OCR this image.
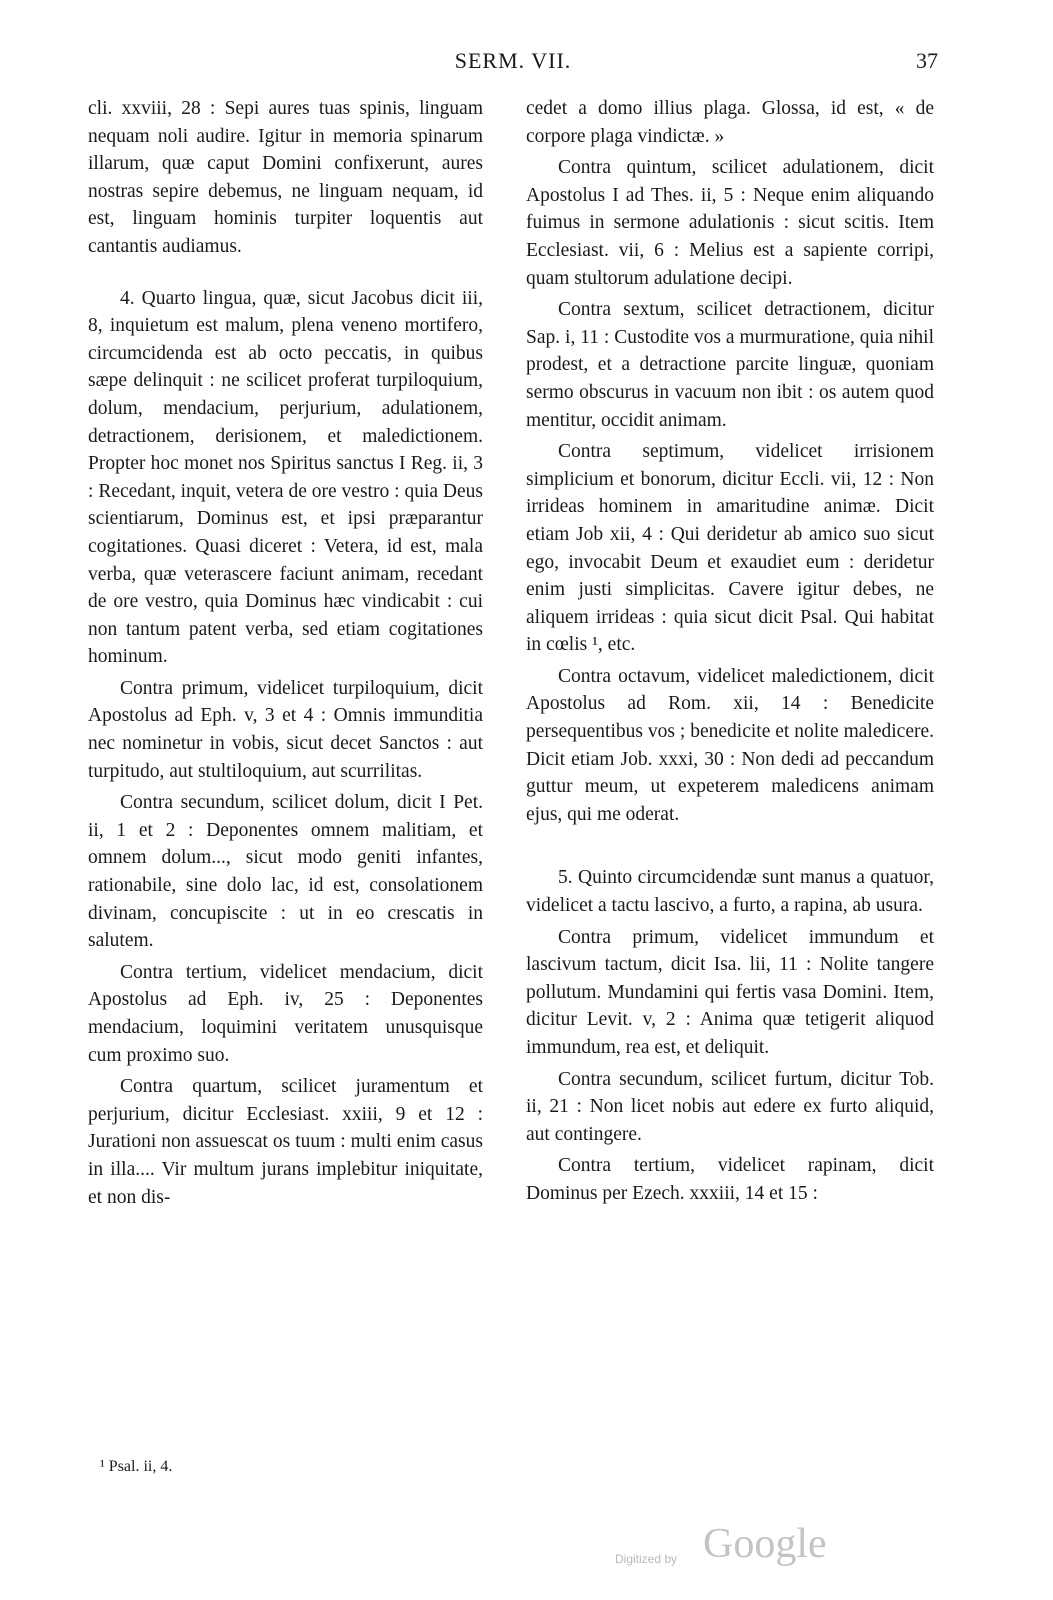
SERM. VII.	37

cli. xxviii, 28 : Sepi aures tuas spinis, linguam nequam noli audire. Igitur in memoria spinarum illarum, quæ caput Domini confixerunt, aures nostras sepire debemus, ne linguam nequam, id est, linguam hominis turpiter loquentis aut cantantis audiamus.

4. Quarto lingua, quæ, sicut Jacobus dicit iii, 8, inquietum est malum, plena veneno mortifero, circumcidenda est ab octo peccatis, in quibus sæpe delinquit : ne scilicet proferat turpiloquium, dolum, mendacium, perjurium, adulationem, detractionem, derisionem, et maledictionem. Propter hoc monet nos Spiritus sanctus I Reg. ii, 3 : Recedant, inquit, vetera de ore vestro : quia Deus scientiarum, Dominus est, et ipsi præparantur cogitationes. Quasi diceret : Vetera, id est, mala verba, quæ veterascere faciunt animam, recedant de ore vestro, quia Dominus hæc vindicabit : cui non tantum patent verba, sed etiam cogitationes hominum.

Contra primum, videlicet turpiloquium, dicit Apostolus ad Eph. v, 3 et 4 : Omnis immunditia nec nominetur in vobis, sicut decet Sanctos : aut turpitudo, aut stultiloquium, aut scurrilitas.

Contra secundum, scilicet dolum, dicit I Pet. ii, 1 et 2 : Deponentes omnem malitiam, et omnem dolum..., sicut modo geniti infantes, rationabile, sine dolo lac, id est, consolationem divinam, concupiscite : ut in eo crescatis in salutem.

Contra tertium, videlicet mendacium, dicit Apostolus ad Eph. iv, 25 : Deponentes mendacium, loquimini veritatem unusquisque cum proximo suo.

Contra quartum, scilicet juramentum et perjurium, dicitur Ecclesiast. xxiii, 9 et 12 : Jurationi non assuescat os tuum : multi enim casus in illa.... Vir multum jurans implebitur iniquitate, et non dis-

cedet a domo illius plaga. Glossa, id est, « de corpore plaga vindictæ. »

Contra quintum, scilicet adulationem, dicit Apostolus I ad Thes. ii, 5 : Neque enim aliquando fuimus in sermone adulationis : sicut scitis. Item Ecclesiast. vii, 6 : Melius est a sapiente corripi, quam stultorum adulatione decipi.

Contra sextum, scilicet detractionem, dicitur Sap. i, 11 : Custodite vos a murmuratione, quia nihil prodest, et a detractione parcite linguæ, quoniam sermo obscurus in vacuum non ibit : os autem quod mentitur, occidit animam.

Contra septimum, videlicet irrisionem simplicium et bonorum, dicitur Eccli. vii, 12 : Non irrideas hominem in amaritudine animæ. Dicit etiam Job xii, 4 : Qui deridetur ab amico suo sicut ego, invocabit Deum et exaudiet eum : deridetur enim justi simplicitas. Cavere igitur debes, ne aliquem irrideas : quia sicut dicit Psal. Qui habitat in cœlis ¹, etc.

Contra octavum, videlicet maledictionem, dicit Apostolus ad Rom. xii, 14 : Benedicite persequentibus vos ; benedicite et nolite maledicere. Dicit etiam Job. xxxi, 30 : Non dedi ad peccandum guttur meum, ut expeterem maledicens animam ejus, qui me oderat.

5. Quinto circumcidendæ sunt manus a quatuor, videlicet a tactu lascivo, a furto, a rapina, ab usura.

Contra primum, videlicet immundum et lascivum tactum, dicit Isa. lii, 11 : Nolite tangere pollutum. Mundamini qui fertis vasa Domini. Item, dicitur Levit. v, 2 : Anima quæ tetigerit aliquod immundum, rea est, et deliquit.

Contra secundum, scilicet furtum, dicitur Tob. ii, 21 : Non licet nobis aut edere ex furto aliquid, aut contingere.

Contra tertium, videlicet rapinam, dicit Dominus per Ezech. xxxiii, 14 et 15 :

¹ Psal. ii, 4.
Digitized by Google
